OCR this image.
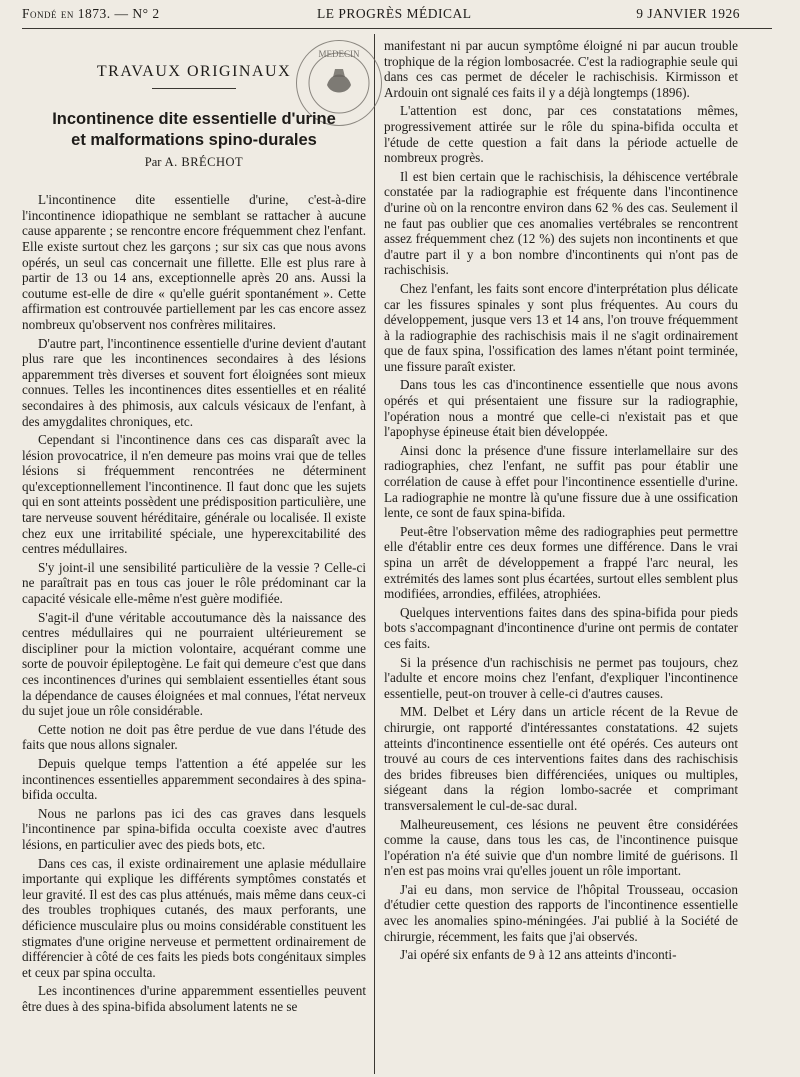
Fondé en 1873. — N° 2	LE PROGRÈS MÉDICAL	9 JANVIER 1926
MEDECIN
TRAVAUX ORIGINAUX
Incontinence dite essentielle d'urine
et malformations spino-durales
Par A. BRÉCHOT

L'incontinence dite essentielle d'urine, c'est-à-dire l'incontinence idiopathique ne semblant se rattacher à aucune cause apparente ; se rencontre encore fréquemment chez l'enfant. Elle existe surtout chez les garçons ; sur six cas que nous avons opérés, un seul cas concernait une fillette. Elle est plus rare à partir de 13 ou 14 ans, exceptionnelle après 20 ans. Aussi la coutume est-elle de dire « qu'elle guérit spontanément ». Cette affirmation est controuvée partiellement par les cas encore assez nombreux qu'observent nos confrères militaires.

D'autre part, l'incontinence essentielle d'urine devient d'autant plus rare que les incontinences secondaires à des lésions apparemment très diverses et souvent fort éloignées sont mieux connues. Telles les incontinences dites essentielles et en réalité secondaires à des phimosis, aux calculs vésicaux de l'enfant, à des amygdalites chroniques, etc.

Cependant si l'incontinence dans ces cas disparaît avec la lésion provocatrice, il n'en demeure pas moins vrai que de telles lésions si fréquemment rencontrées ne déterminent qu'exceptionnellement l'incontinence. Il faut donc que les sujets qui en sont atteints possèdent une prédisposition particulière, une tare nerveuse souvent héréditaire, générale ou localisée. Il existe chez eux une irritabilité spéciale, une hyperexcitabilité des centres médullaires.

S'y joint-il une sensibilité particulière de la vessie ? Celle-ci ne paraîtrait pas en tous cas jouer le rôle prédominant car la capacité vésicale elle-même n'est guère modifiée.

S'agit-il d'une véritable accoutumance dès la naissance des centres médullaires qui ne pourraient ultérieurement se discipliner pour la miction volontaire, acquérant comme une sorte de pouvoir épileptogène. Le fait qui demeure c'est que dans ces incontinences d'urines qui semblaient essentielles étant sous la dépendance de causes éloignées et mal connues, l'état nerveux du sujet joue un rôle considérable.

Cette notion ne doit pas être perdue de vue dans l'étude des faits que nous allons signaler.

Depuis quelque temps l'attention a été appelée sur les incontinences essentielles apparemment secondaires à des spina-bifida occulta.

Nous ne parlons pas ici des cas graves dans lesquels l'incontinence par spina-bifida occulta coexiste avec d'autres lésions, en particulier avec des pieds bots, etc.

Dans ces cas, il existe ordinairement une aplasie médullaire importante qui explique les différents symptômes constatés et leur gravité. Il est des cas plus atténués, mais même dans ceux-ci des troubles trophiques cutanés, des maux perforants, une déficience musculaire plus ou moins considérable constituent les stigmates d'une origine nerveuse et permettent ordinairement de différencier à côté de ces faits les pieds bots congénitaux simples et ceux par spina occulta.

Les incontinences d'urine apparemment essentielles peuvent être dues à des spina-bifida absolument latents ne se

manifestant ni par aucun symptôme éloigné ni par aucun trouble trophique de la région lombosacrée. C'est la radiographie seule qui dans ces cas permet de déceler le rachischisis. Kirmisson et Ardouin ont signalé ces faits il y a déjà longtemps (1896).

L'attention est donc, par ces constatations mêmes, progressivement attirée sur le rôle du spina-bifida occulta et l'étude de cette question a fait dans la période actuelle de nombreux progrès.

Il est bien certain que le rachischisis, la déhiscence vertébrale constatée par la radiographie est fréquente dans l'incontinence d'urine où on la rencontre environ dans 62 % des cas. Seulement il ne faut pas oublier que ces anomalies vertébrales se rencontrent assez fréquemment chez (12 %) des sujets non incontinents et que d'autre part il y a bon nombre d'incontinents qui n'ont pas de rachischisis.

Chez l'enfant, les faits sont encore d'interprétation plus délicate car les fissures spinales y sont plus fréquentes. Au cours du développement, jusque vers 13 et 14 ans, l'on trouve fréquemment à la radiographie des rachischisis mais il ne s'agit ordinairement que de faux spina, l'ossification des lames n'étant point terminée, une fissure paraît exister.

Dans tous les cas d'incontinence essentielle que nous avons opérés et qui présentaient une fissure sur la radiographie, l'opération nous a montré que celle-ci n'existait pas et que l'apophyse épineuse était bien développée.

Ainsi donc la présence d'une fissure interlamellaire sur des radiographies, chez l'enfant, ne suffit pas pour établir une corrélation de cause à effet pour l'incontinence essentielle d'urine. La radiographie ne montre là qu'une fissure due à une ossification lente, ce sont de faux spina-bifida.

Peut-être l'observation même des radiographies peut permettre elle d'établir entre ces deux formes une différence. Dans le vrai spina un arrêt de développement a frappé l'arc neural, les extrémités des lames sont plus écartées, surtout elles semblent plus modifiées, arrondies, effilées, atrophiées.

Quelques interventions faites dans des spina-bifida pour pieds bots s'accompagnant d'incontinence d'urine ont permis de contater ces faits.

Si la présence d'un rachischisis ne permet pas toujours, chez l'adulte et encore moins chez l'enfant, d'expliquer l'incontinence essentielle, peut-on trouver à celle-ci d'autres causes.

MM. Delbet et Léry dans un article récent de la Revue de chirurgie, ont rapporté d'intéressantes constatations. 42 sujets atteints d'incontinence essentielle ont été opérés. Ces auteurs ont trouvé au cours de ces interventions faites dans des rachischisis des brides fibreuses bien différenciées, uniques ou multiples, siégeant dans la région lombo-sacrée et comprimant transversalement le cul-de-sac dural.

Malheureusement, ces lésions ne peuvent être considérées comme la cause, dans tous les cas, de l'incontinence puisque l'opération n'a été suivie que d'un nombre limité de guérisons. Il n'en est pas moins vrai qu'elles jouent un rôle important.

J'ai eu dans, mon service de l'hôpital Trousseau, occasion d'étudier cette question des rapports de l'incontinence essentielle avec les anomalies spino-méningées. J'ai publié à la Société de chirurgie, récemment, les faits que j'ai observés.

J'ai opéré six enfants de 9 à 12 ans atteints d'inconti-
